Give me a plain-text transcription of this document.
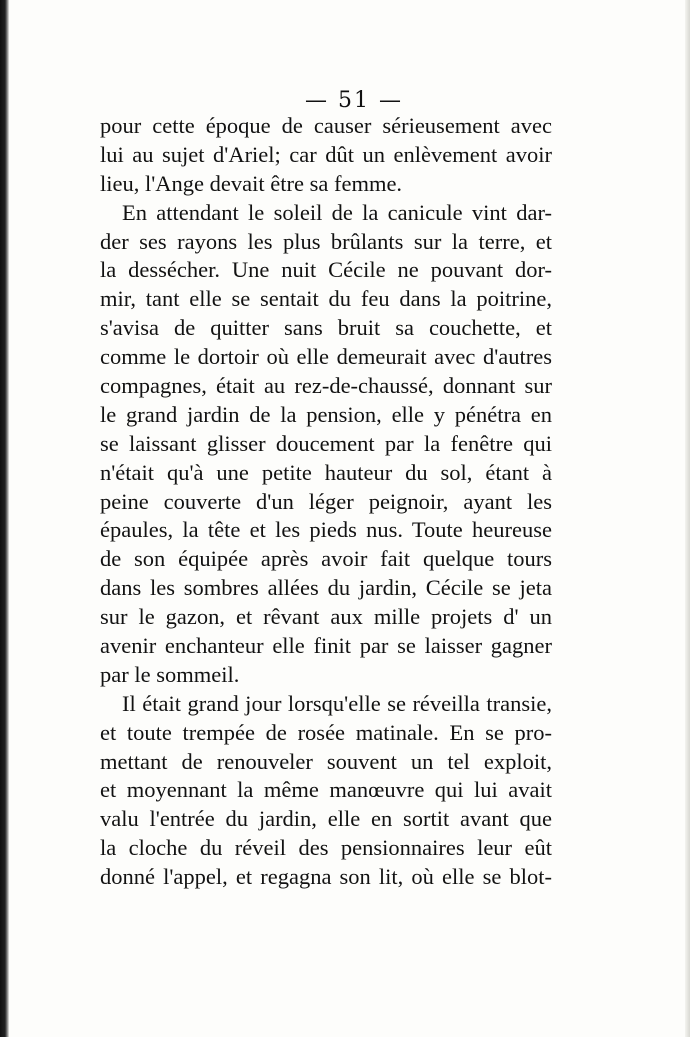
— 51 —
pour cette époque de causer sérieusement avec
lui au sujet d'Ariel; car dût un enlèvement avoir
lieu, l'Ange devait être sa femme.
En attendant le soleil de la canicule vint dar-
der ses rayons les plus brûlants sur la terre, et
la dessécher. Une nuit Cécile ne pouvant dor-
mir, tant elle se sentait du feu dans la poitrine,
s'avisa de quitter sans bruit sa couchette, et
comme le dortoir où elle demeurait avec d'autres
compagnes, était au rez-de-chaussé, donnant sur
le grand jardin de la pension, elle y pénétra en
se laissant glisser doucement par la fenêtre qui
n'était qu'à une petite hauteur du sol, étant à
peine couverte d'un léger peignoir, ayant les
épaules, la tête et les pieds nus. Toute heureuse
de son équipée après avoir fait quelque tours
dans les sombres allées du jardin, Cécile se jeta
sur le gazon, et rêvant aux mille projets d' un
avenir enchanteur elle finit par se laisser gagner
par le sommeil.
Il était grand jour lorsqu'elle se réveilla transie,
et toute trempée de rosée matinale. En se pro-
mettant de renouveler souvent un tel exploit,
et moyennant la même manœuvre qui lui avait
valu l'entrée du jardin, elle en sortit avant que
la cloche du réveil des pensionnaires leur eût
donné l'appel, et regagna son lit, où elle se blot-
